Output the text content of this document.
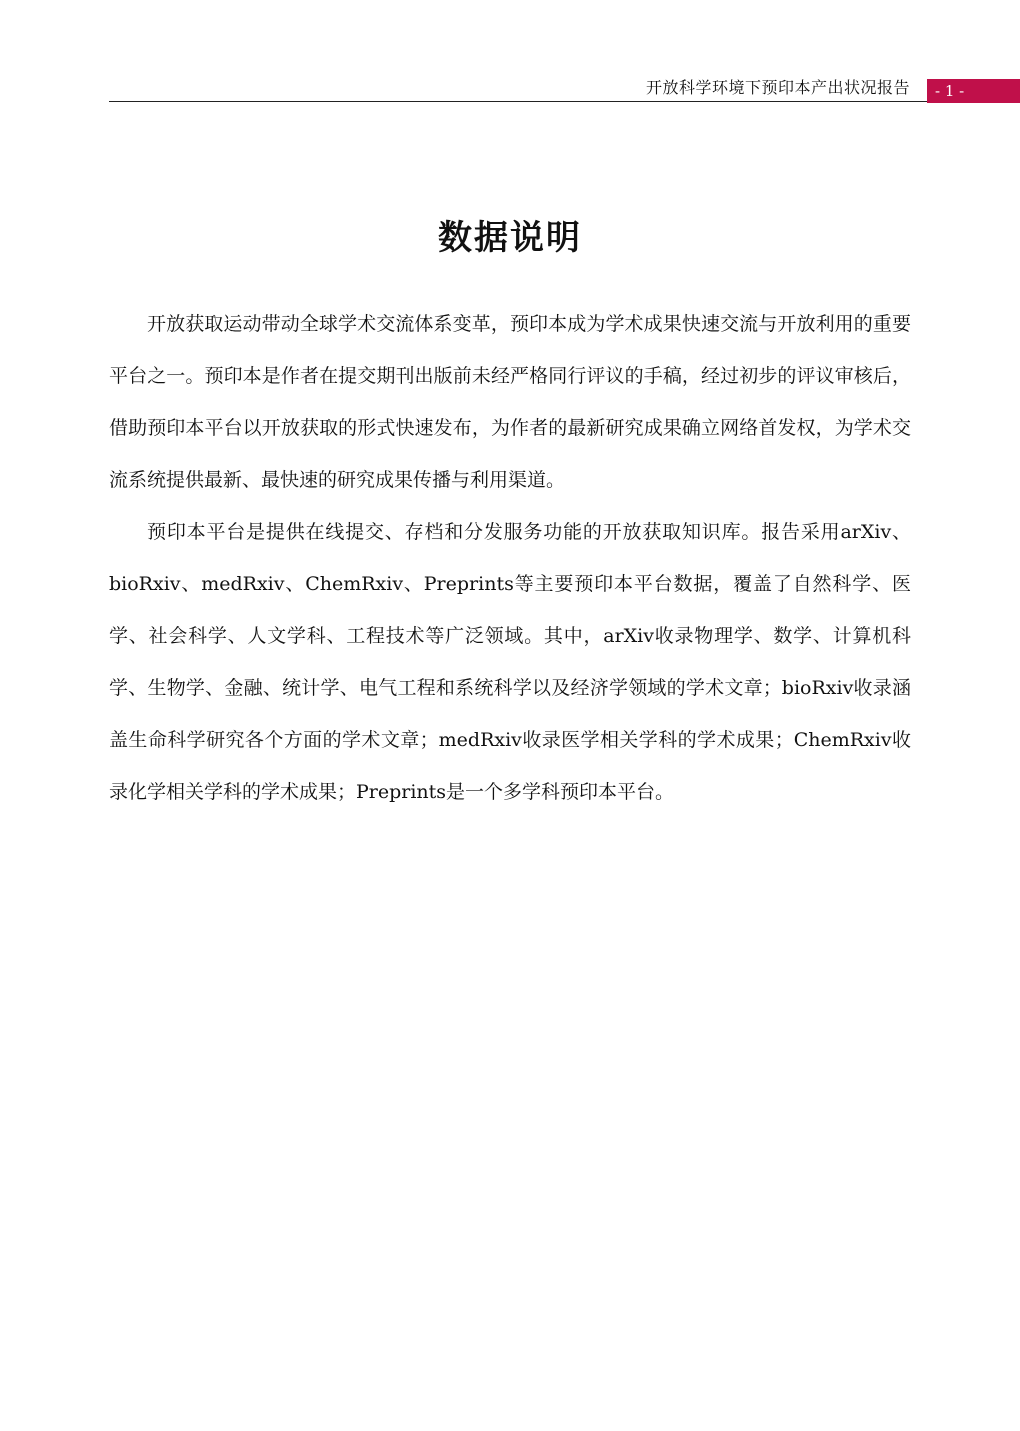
开放科学环境下预印本产出状况报告 - 1 -
数据说明

开放获取运动带动全球学术交流体系变革，预印本成为学术成果快速交流与开放利用的重要平台之一。预印本是作者在提交期刊出版前未经严格同行评议的手稿，经过初步的评议审核后，借助预印本平台以开放获取的形式快速发布，为作者的最新研究成果确立网络首发权，为学术交流系统提供最新、最快速的研究成果传播与利用渠道。

预印本平台是提供在线提交、存档和分发服务功能的开放获取知识库。报告采用arXiv、bioRxiv、medRxiv、ChemRxiv、Preprints等主要预印本平台数据，覆盖了自然科学、医学、社会科学、人文学科、工程技术等广泛领域。其中，arXiv收录物理学、数学、计算机科学、生物学、金融、统计学、电气工程和系统科学以及经济学领域的学术文章；bioRxiv收录涵盖生命科学研究各个方面的学术文章；medRxiv收录医学相关学科的学术成果；ChemRxiv收录化学相关学科的学术成果；Preprints是一个多学科预印本平台。
